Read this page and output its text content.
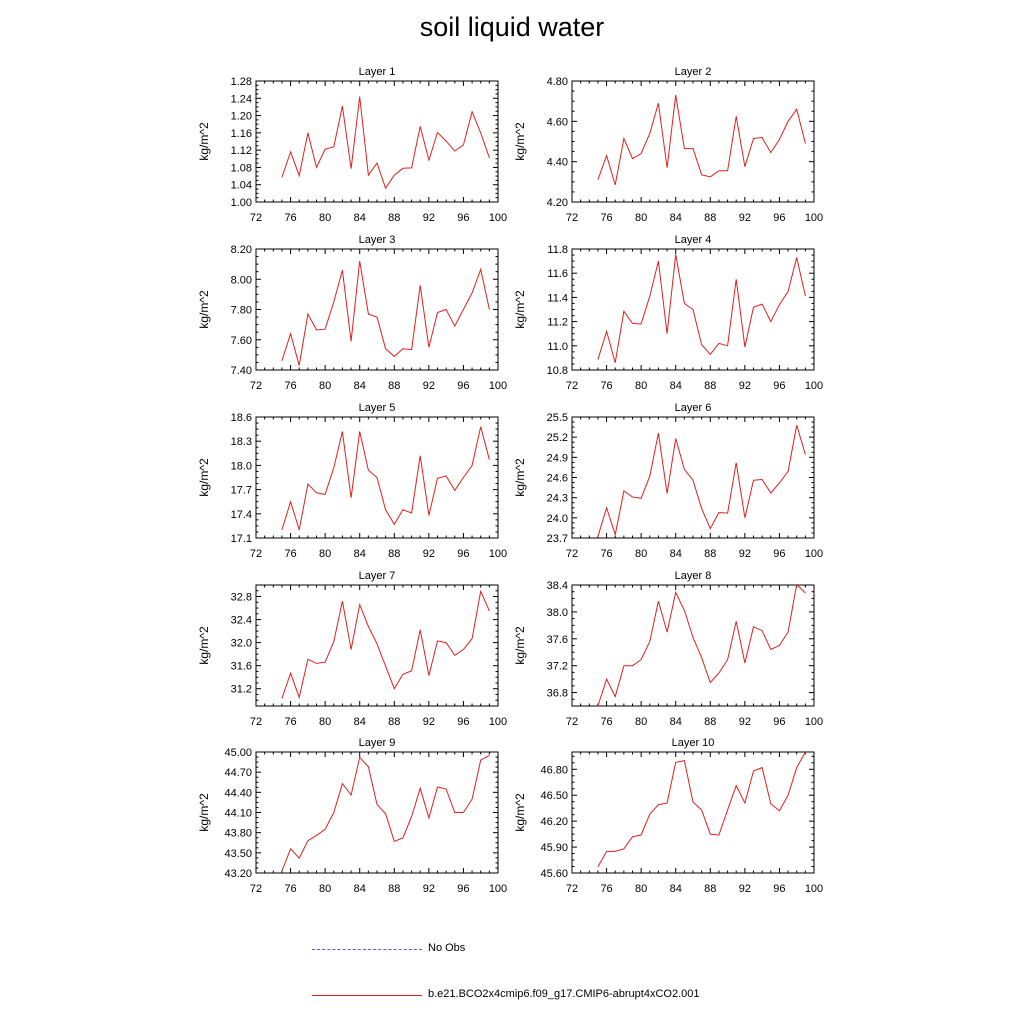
soil liquid water
Layer 1
kg/m^2
72 76 80 84 88 92 96 100
1.00
1.04
1.08
1.12
1.16
1.20
1.24
1.28
Layer 2
kg/m^2
72 76 80 84 88 92 96 100
4.20
4.40
4.60
4.80
Layer 3
kg/m^2
72 76 80 84 88 92 96 100
7.40
7.60
7.80
8.00
8.20
Layer 4
kg/m^2
72 76 80 84 88 92 96 100
10.8
11.0
11.2
11.4
11.6
11.8
Layer 5
kg/m^2
72 76 80 84 88 92 96 100
17.1
17.4
17.7
18.0
18.3
18.6
Layer 6
kg/m^2
72 76 80 84 88 92 96 100
23.7
24.0
24.3
24.6
24.9
25.2
25.5
Layer 7
kg/m^2
72 76 80 84 88 92 96 100
31.2
31.6
32.0
32.4
32.8
Layer 8
kg/m^2
72 76 80 84 88 92 96 100
36.8
37.2
37.6
38.0
38.4
Layer 9
kg/m^2
72 76 80 84 88 92 96 100
43.20
43.50
43.80
44.10
44.40
44.70
45.00
Layer 10
kg/m^2
72 76 80 84 88 92 96 100
45.60
45.90
46.20
46.50
46.80
No Obs
b.e21.BCO2x4cmip6.f09_g17.CMIP6-abrupt4xCO2.001
